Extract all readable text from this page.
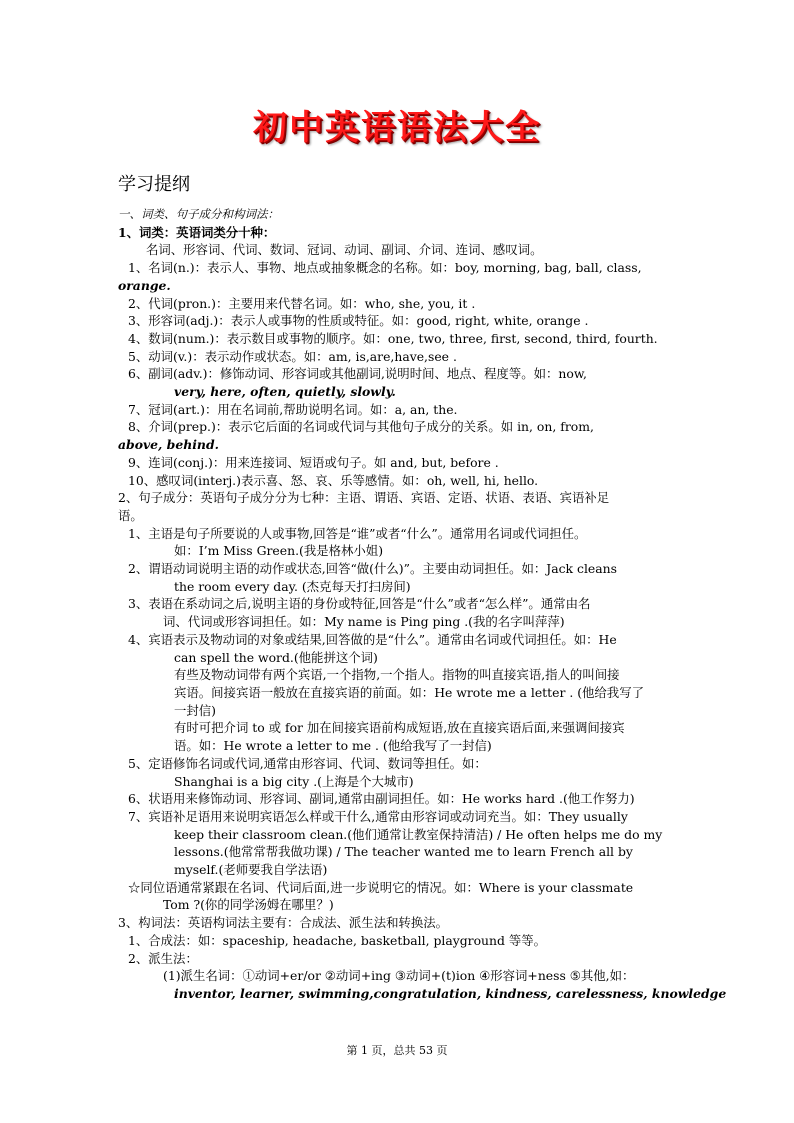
初中英语语法大全
学习提纲
一、词类、句子成分和构词法：
1、词类：英语词类分十种：
名词、形容词、代词、数词、冠词、动词、副词、介词、连词、感叹词。
1、名词(n.)：表示人、事物、地点或抽象概念的名称。如：boy, morning, bag, ball, class,
orange.
2、代词(pron.)：主要用来代替名词。如：who, she, you, it .
3、形容词(adj.)：表示人或事物的性质或特征。如：good, right, white, orange .
4、数词(num.)：表示数目或事物的顺序。如：one, two, three, first, second, third, fourth.
5、动词(v.)：表示动作或状态。如：am, is,are,have,see .
6、副词(adv.)：修饰动词、形容词或其他副词,说明时间、地点、程度等。如：now,
very, here, often, quietly, slowly.
7、冠词(art.)：用在名词前,帮助说明名词。如：a, an, the.
8、介词(prep.)：表示它后面的名词或代词与其他句子成分的关系。如 in, on, from,
above, behind.
9、连词(conj.)：用来连接词、短语或句子。如 and, but, before .
10、感叹词(interj.)表示喜、怒、哀、乐等感情。如：oh, well, hi, hello.
2、句子成分：英语句子成分分为七种：主语、谓语、宾语、定语、状语、表语、宾语补足
语。
1、主语是句子所要说的人或事物,回答是“谁”或者“什么”。通常用名词或代词担任。
如：I’m Miss Green.(我是格林小姐)
2、谓语动词说明主语的动作或状态,回答“做(什么)”。主要由动词担任。如：Jack cleans
the room every day. (杰克每天打扫房间)
3、表语在系动词之后,说明主语的身份或特征,回答是“什么”或者“怎么样”。通常由名
词、代词或形容词担任。如：My name is Ping ping .(我的名字叫萍萍)
4、宾语表示及物动词的对象或结果,回答做的是“什么”。通常由名词或代词担任。如：He
can spell the word.(他能拼这个词)
有些及物动词带有两个宾语,一个指物,一个指人。指物的叫直接宾语,指人的叫间接
宾语。间接宾语一般放在直接宾语的前面。如：He wrote me a letter . (他给我写了
一封信)
有时可把介词 to 或 for 加在间接宾语前构成短语,放在直接宾语后面,来强调间接宾
语。如：He wrote a letter to me . (他给我写了一封信)
5、定语修饰名词或代词,通常由形容词、代词、数词等担任。如：
Shanghai is a big city .(上海是个大城市)
6、状语用来修饰动词、形容词、副词,通常由副词担任。如：He works hard .(他工作努力)
7、宾语补足语用来说明宾语怎么样或干什么,通常由形容词或动词充当。如：They usually
keep their classroom clean.(他们通常让教室保持清洁) / He often helps me do my
lessons.(他常常帮我做功课) / The teacher wanted me to learn French all by
myself.(老师要我自学法语)
☆同位语通常紧跟在名词、代词后面,进一步说明它的情况。如：Where is your classmate
Tom ?(你的同学汤姆在哪里？)
3、构词法：英语构词法主要有：合成法、派生法和转换法。
1、合成法：如：spaceship, headache, basketball, playground 等等。
2、派生法：
(1)派生名词：①动词+er/or ②动词+ing ③动词+(t)ion ④形容词+ness ⑤其他,如：
inventor, learner, swimming,congratulation, kindness, carelessness, knowledge
第 1 页，总共 53 页
